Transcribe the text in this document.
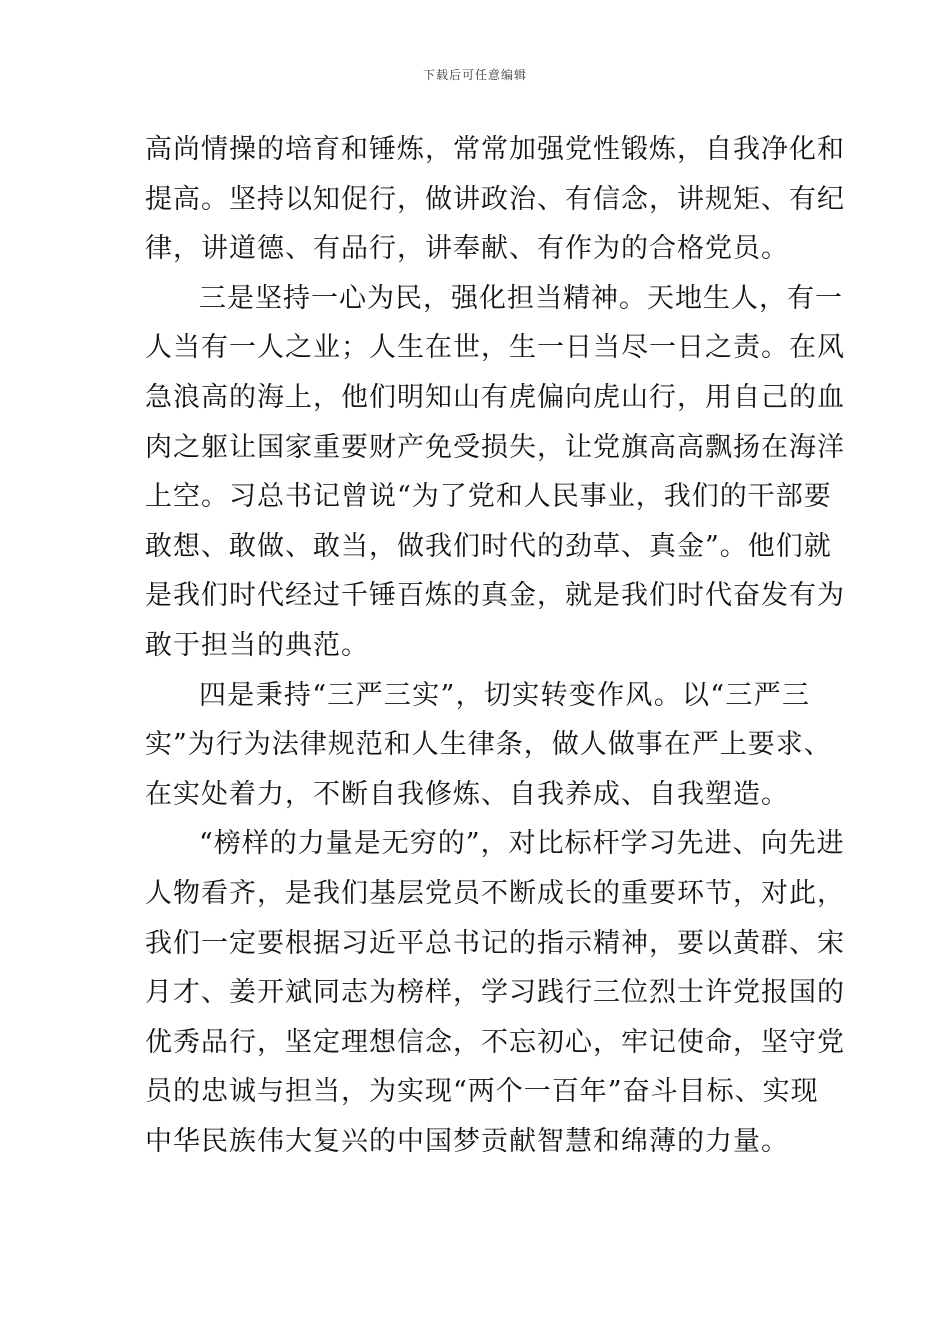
下载后可任意编辑
高尚情操的培育和锤炼，常常加强党性锻炼，自我净化和
提高。坚持以知促行，做讲政治、有信念，讲规矩、有纪
律，讲道德、有品行，讲奉献、有作为的合格党员。
三是坚持一心为民，强化担当精神。天地生人，有一
人当有一人之业；人生在世，生一日当尽一日之责。在风
急浪高的海上，他们明知山有虎偏向虎山行，用自己的血
肉之躯让国家重要财产免受损失，让党旗高高飘扬在海洋
上空。习总书记曾说“为了党和人民事业，我们的干部要
敢想、敢做、敢当，做我们时代的劲草、真金”。他们就
是我们时代经过千锤百炼的真金，就是我们时代奋发有为
敢于担当的典范。
四是秉持“三严三实”，切实转变作风。以“三严三
实”为行为法律规范和人生律条，做人做事在严上要求、
在实处着力，不断自我修炼、自我养成、自我塑造。
“榜样的力量是无穷的”，对比标杆学习先进、向先进
人物看齐，是我们基层党员不断成长的重要环节，对此，
我们一定要根据习近平总书记的指示精神，要以黄群、宋
月才、姜开斌同志为榜样，学习践行三位烈士许党报国的
优秀品行，坚定理想信念，不忘初心，牢记使命，坚守党
员的忠诚与担当，为实现“两个一百年”奋斗目标、实现
中华民族伟大复兴的中国梦贡献智慧和绵薄的力量。
